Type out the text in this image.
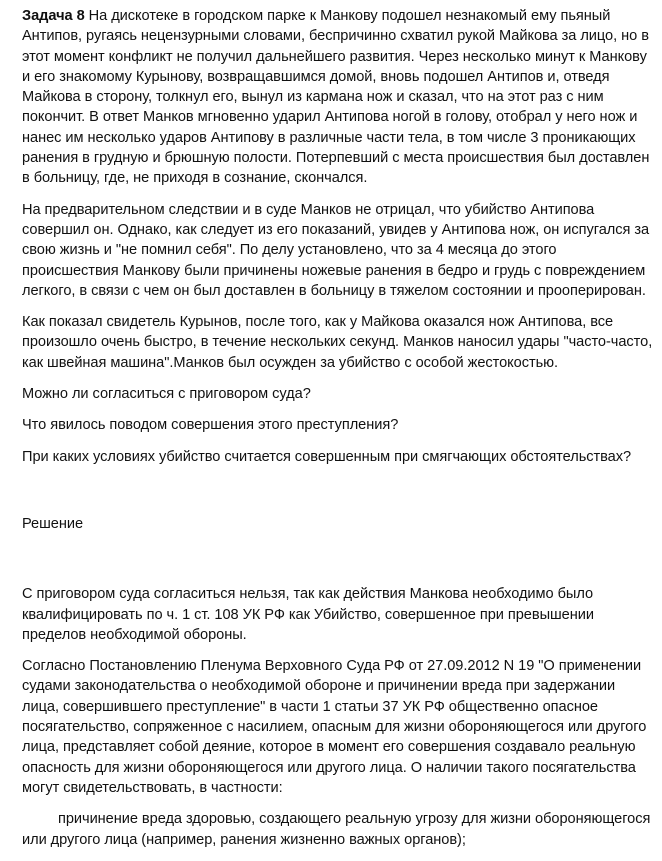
Задача 8 На дискотеке в городском парке к Манкову подошел незнакомый ему пьяный Антипов, ругаясь нецензурными словами, беспричинно схватил рукой Майкова за лицо, но в этот момент конфликт не получил дальнейшего развития. Через несколько минут к Манкову и его знакомому Курынову, возвращавшимся домой, вновь подошел Антипов и, отведя Майкова в сторону, толкнул его, вынул из кармана нож и сказал, что на этот раз с ним покончит. В ответ Манков мгновенно ударил Антипова ногой в голову, отобрал у него нож и нанес им несколько ударов Антипову в различные части тела, в том числе 3 проникающих ранения в грудную и брюшную полости. Потерпевший с места происшествия был доставлен в больницу, где, не приходя в сознание, скончался.

На предварительном следствии и в суде Манков не отрицал, что убийство Антипова совершил он. Однако, как следует из его показаний, увидев у Антипова нож, он испугался за свою жизнь и "не помнил себя". По делу установлено, что за 4 месяца до этого происшествия Манкову были причинены ножевые ранения в бедро и грудь с повреждением легкого, в связи с чем он был доставлен в больницу в тяжелом состоянии и прооперирован.

Как показал свидетель Курынов, после того, как у Майкова оказался нож Антипова, все произошло очень быстро, в течение нескольких секунд. Манков наносил удары "часто-часто, как швейная машина".Манков был осужден за убийство с особой жестокостью.

Можно ли согласиться с приговором суда?

Что явилось поводом совершения этого преступления?

При каких условиях убийство считается совершенным при смягчающих обстоятельствах?

Решение

С приговором суда согласиться нельзя, так как действия Манкова необходимо было квалифицировать по ч. 1 ст. 108 УК РФ как Убийство, совершенное при превышении пределов необходимой обороны.

Согласно Постановлению Пленума Верховного Суда РФ от 27.09.2012 N 19 "О применении судами законодательства о необходимой обороне и причинении вреда при задержании лица, совершившего преступление" в части 1 статьи 37 УК РФ общественно опасное посягательство, сопряженное с насилием, опасным для жизни обороняющегося или другого лица, представляет собой деяние, которое в момент его совершения создавало реальную опасность для жизни обороняющегося или другого лица. О наличии такого посягательства могут свидетельствовать, в частности:

причинение вреда здоровью, создающего реальную угрозу для жизни обороняющегося или другого лица (например, ранения жизненно важных органов);
